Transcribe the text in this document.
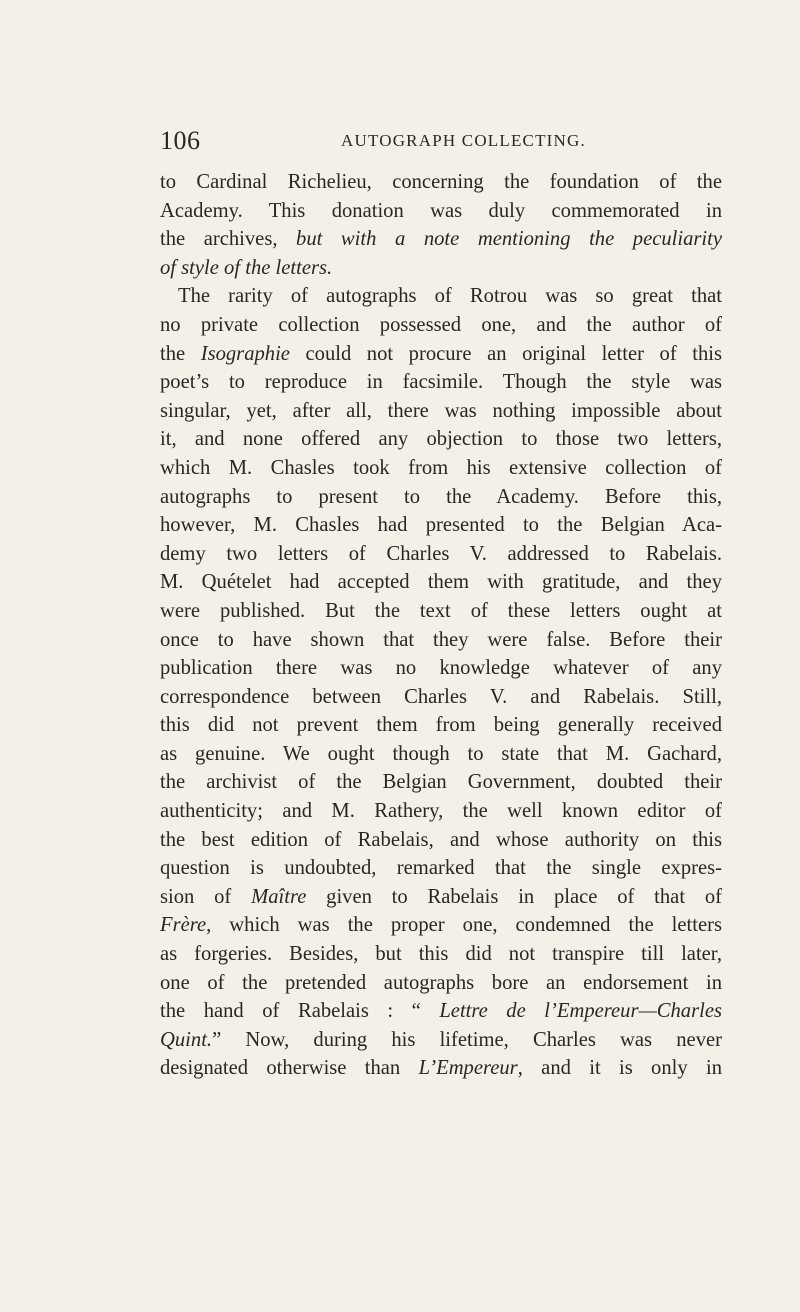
106	AUTOGRAPH COLLECTING.
to Cardinal Richelieu, concerning the foundation of the
Academy. This donation was duly commemorated in
the archives, but with a note mentioning the peculiarity
of style of the letters.
The rarity of autographs of Rotrou was so great that
no private collection possessed one, and the author of
the Isographie could not procure an original letter of this
poet’s to reproduce in facsimile. Though the style was
singular, yet, after all, there was nothing impossible about
it, and none offered any objection to those two letters,
which M. Chasles took from his extensive collection of
autographs to present to the Academy. Before this,
however, M. Chasles had presented to the Belgian Aca-
demy two letters of Charles V. addressed to Rabelais.
M. Quételet had accepted them with gratitude, and they
were published. But the text of these letters ought at
once to have shown that they were false. Before their
publication there was no knowledge whatever of any
correspondence between Charles V. and Rabelais. Still,
this did not prevent them from being generally received
as genuine. We ought though to state that M. Gachard,
the archivist of the Belgian Government, doubted their
authenticity; and M. Rathery, the well known editor of
the best edition of Rabelais, and whose authority on this
question is undoubted, remarked that the single expres-
sion of Maître given to Rabelais in place of that of
Frère, which was the proper one, condemned the letters
as forgeries. Besides, but this did not transpire till later,
one of the pretended autographs bore an endorsement in
the hand of Rabelais : “ Lettre de l’Empereur—Charles
Quint.” Now, during his lifetime, Charles was never
designated otherwise than L’Empereur, and it is only in
